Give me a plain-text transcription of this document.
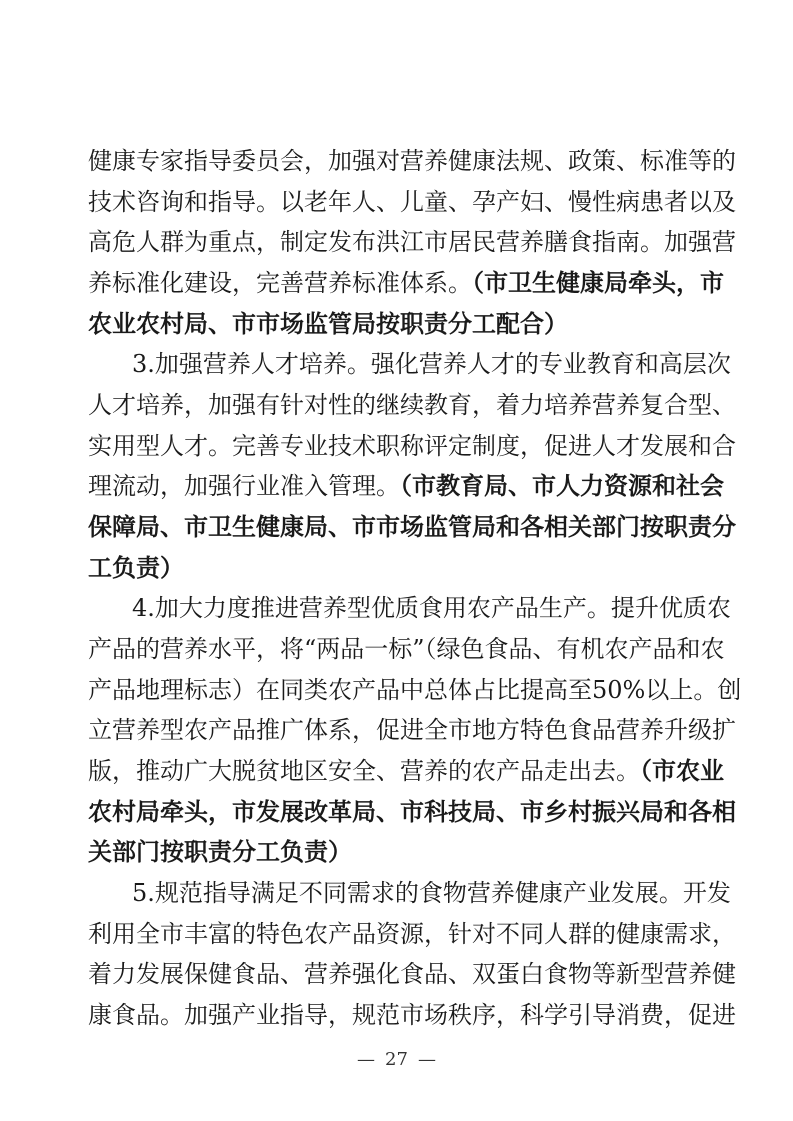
健康专家指导委员会，加强对营养健康法规、政策、标准等的
技术咨询和指导。以老年人、儿童、孕产妇、慢性病患者以及
高危人群为重点，制定发布洪江市居民营养膳食指南。加强营
养标准化建设，完善营养标准体系。（市卫生健康局牵头，市
农业农村局、市市场监管局按职责分工配合）
3.加强营养人才培养。强化营养人才的专业教育和高层次
人才培养，加强有针对性的继续教育，着力培养营养复合型、
实用型人才。完善专业技术职称评定制度，促进人才发展和合
理流动，加强行业准入管理。（市教育局、市人力资源和社会
保障局、市卫生健康局、市市场监管局和各相关部门按职责分
工负责）
4.加大力度推进营养型优质食用农产品生产。提升优质农
产品的营养水平，将“两品一标”（绿色食品、有机农产品和农
产品地理标志）在同类农产品中总体占比提高至50%以上。创
立营养型农产品推广体系，促进全市地方特色食品营养升级扩
版，推动广大脱贫地区安全、营养的农产品走出去。（市农业
农村局牵头，市发展改革局、市科技局、市乡村振兴局和各相
关部门按职责分工负责）
5.规范指导满足不同需求的食物营养健康产业发展。开发
利用全市丰富的特色农产品资源，针对不同人群的健康需求，
着力发展保健食品、营养强化食品、双蛋白食物等新型营养健
康食品。加强产业指导，规范市场秩序，科学引导消费，促进
— 27 —
